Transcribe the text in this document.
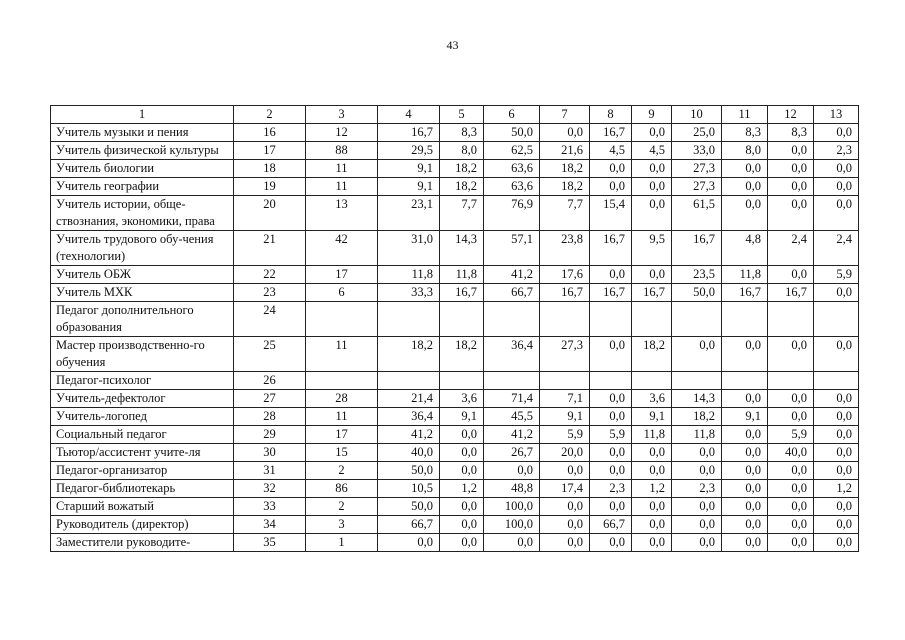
43
1	2	3	4	5	6	7	8	9	10	11	12	13
Учитель музыки и пения	16	12	16,7	8,3	50,0	0,0	16,7	0,0	25,0	8,3	8,3	0,0
Учитель физической культуры	17	88	29,5	8,0	62,5	21,6	4,5	4,5	33,0	8,0	0,0	2,3
Учитель биологии	18	11	9,1	18,2	63,6	18,2	0,0	0,0	27,3	0,0	0,0	0,0
Учитель географии	19	11	9,1	18,2	63,6	18,2	0,0	0,0	27,3	0,0	0,0	0,0
Учитель истории, обще-ствознания, экономики, права	20	13	23,1	7,7	76,9	7,7	15,4	0,0	61,5	0,0	0,0	0,0
Учитель трудового обу-чения (технологии)	21	42	31,0	14,3	57,1	23,8	16,7	9,5	16,7	4,8	2,4	2,4
Учитель ОБЖ	22	17	11,8	11,8	41,2	17,6	0,0	0,0	23,5	11,8	0,0	5,9
Учитель МХК	23	6	33,3	16,7	66,7	16,7	16,7	16,7	50,0	16,7	16,7	0,0
Педагог дополнительного образования	24											
Мастер производственно-го обучения	25	11	18,2	18,2	36,4	27,3	0,0	18,2	0,0	0,0	0,0	0,0
Педагог-психолог	26											
Учитель-дефектолог	27	28	21,4	3,6	71,4	7,1	0,0	3,6	14,3	0,0	0,0	0,0
Учитель-логопед	28	11	36,4	9,1	45,5	9,1	0,0	9,1	18,2	9,1	0,0	0,0
Социальный педагог	29	17	41,2	0,0	41,2	5,9	5,9	11,8	11,8	0,0	5,9	0,0
Тьютор/ассистент учите-ля	30	15	40,0	0,0	26,7	20,0	0,0	0,0	0,0	0,0	40,0	0,0
Педагог-организатор	31	2	50,0	0,0	0,0	0,0	0,0	0,0	0,0	0,0	0,0	0,0
Педагог-библиотекарь	32	86	10,5	1,2	48,8	17,4	2,3	1,2	2,3	0,0	0,0	1,2
Старший вожатый	33	2	50,0	0,0	100,0	0,0	0,0	0,0	0,0	0,0	0,0	0,0
Руководитель (директор)	34	3	66,7	0,0	100,0	0,0	66,7	0,0	0,0	0,0	0,0	0,0
Заместители руководите-	35	1	0,0	0,0	0,0	0,0	0,0	0,0	0,0	0,0	0,0	0,0
